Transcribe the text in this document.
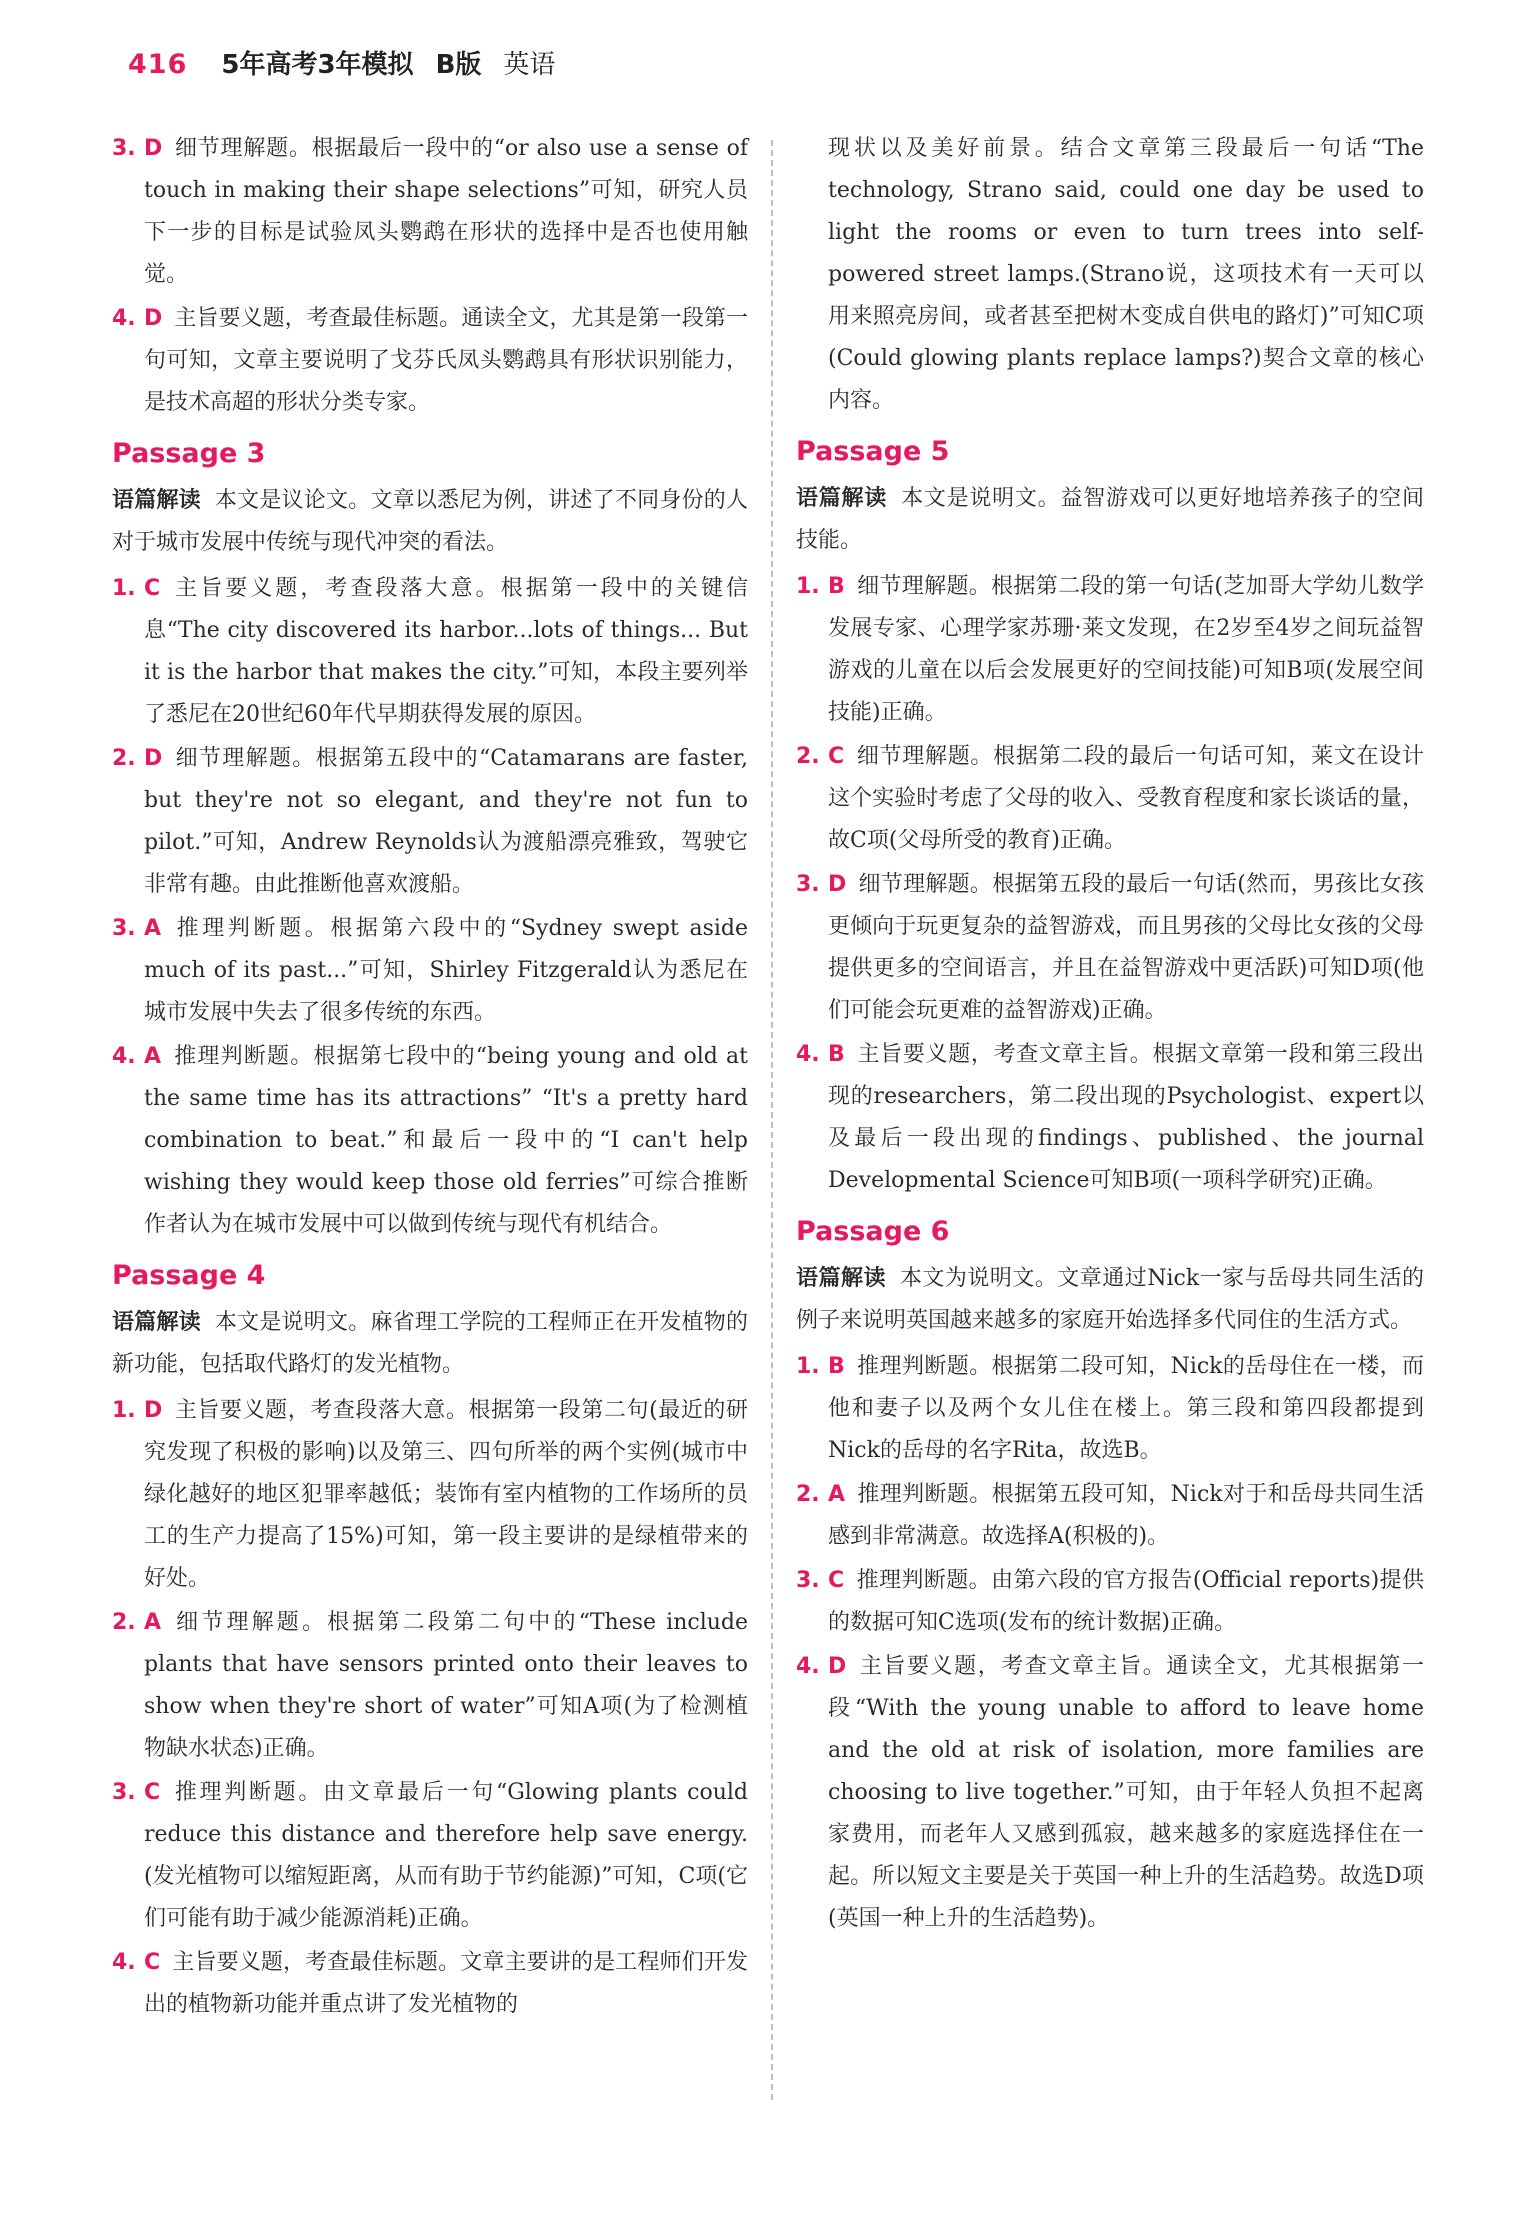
416 5年高考3年模拟 B版 英语
3. D 细节理解题。根据最后一段中的“or also use a sense of touch in making their shape selections”可知，研究人员下一步的目标是试验凤头鹦鹉在形状的选择中是否也使用触觉。
4. D 主旨要义题，考查最佳标题。通读全文，尤其是第一段第一句可知，文章主要说明了戈芬氏凤头鹦鹉具有形状识别能力，是技术高超的形状分类专家。
Passage 3
语篇解读 本文是议论文。文章以悉尼为例，讲述了不同身份的人对于城市发展中传统与现代冲突的看法。
1. C 主旨要义题，考查段落大意。根据第一段中的关键信息“The city discovered its harbor...lots of things... But it is the harbor that makes the city.”可知，本段主要列举了悉尼在20世纪60年代早期获得发展的原因。
2. D 细节理解题。根据第五段中的“Catamarans are faster, but they're not so elegant, and they're not fun to pilot.”可知，Andrew Reynolds认为渡船漂亮雅致，驾驶它非常有趣。由此推断他喜欢渡船。
3. A 推理判断题。根据第六段中的“Sydney swept aside much of its past...”可知，Shirley Fitzgerald认为悉尼在城市发展中失去了很多传统的东西。
4. A 推理判断题。根据第七段中的“being young and old at the same time has its attractions” “It's a pretty hard combination to beat.”和最后一段中的“I can't help wishing they would keep those old ferries”可综合推断作者认为在城市发展中可以做到传统与现代有机结合。
Passage 4
语篇解读 本文是说明文。麻省理工学院的工程师正在开发植物的新功能，包括取代路灯的发光植物。
1. D 主旨要义题，考查段落大意。根据第一段第二句(最近的研究发现了积极的影响)以及第三、四句所举的两个实例(城市中绿化越好的地区犯罪率越低；装饰有室内植物的工作场所的员工的生产力提高了15%)可知，第一段主要讲的是绿植带来的好处。
2. A 细节理解题。根据第二段第二句中的“These include plants that have sensors printed onto their leaves to show when they're short of water”可知A项(为了检测植物缺水状态)正确。
3. C 推理判断题。由文章最后一句“Glowing plants could reduce this distance and therefore help save energy.(发光植物可以缩短距离，从而有助于节约能源)”可知，C项(它们可能有助于减少能源消耗)正确。
4. C 主旨要义题，考查最佳标题。文章主要讲的是工程师们开发出的植物新功能并重点讲了发光植物的
现状以及美好前景。结合文章第三段最后一句话“The technology, Strano said, could one day be used to light the rooms or even to turn trees into self-powered street lamps.(Strano说，这项技术有一天可以用来照亮房间，或者甚至把树木变成自供电的路灯)”可知C项(Could glowing plants replace lamps?)契合文章的核心内容。
Passage 5
语篇解读 本文是说明文。益智游戏可以更好地培养孩子的空间技能。
1. B 细节理解题。根据第二段的第一句话(芝加哥大学幼儿数学发展专家、心理学家苏珊·莱文发现，在2岁至4岁之间玩益智游戏的儿童在以后会发展更好的空间技能)可知B项(发展空间技能)正确。
2. C 细节理解题。根据第二段的最后一句话可知，莱文在设计这个实验时考虑了父母的收入、受教育程度和家长谈话的量，故C项(父母所受的教育)正确。
3. D 细节理解题。根据第五段的最后一句话(然而，男孩比女孩更倾向于玩更复杂的益智游戏，而且男孩的父母比女孩的父母提供更多的空间语言，并且在益智游戏中更活跃)可知D项(他们可能会玩更难的益智游戏)正确。
4. B 主旨要义题，考查文章主旨。根据文章第一段和第三段出现的researchers，第二段出现的Psychologist、expert以及最后一段出现的findings、published、the journal Developmental Science可知B项(一项科学研究)正确。
Passage 6
语篇解读 本文为说明文。文章通过Nick一家与岳母共同生活的例子来说明英国越来越多的家庭开始选择多代同住的生活方式。
1. B 推理判断题。根据第二段可知，Nick的岳母住在一楼，而他和妻子以及两个女儿住在楼上。第三段和第四段都提到Nick的岳母的名字Rita，故选B。
2. A 推理判断题。根据第五段可知，Nick对于和岳母共同生活感到非常满意。故选择A(积极的)。
3. C 推理判断题。由第六段的官方报告(Official reports)提供的数据可知C选项(发布的统计数据)正确。
4. D 主旨要义题，考查文章主旨。通读全文，尤其根据第一段“With the young unable to afford to leave home and the old at risk of isolation, more families are choosing to live together.”可知，由于年轻人负担不起离家费用，而老年人又感到孤寂，越来越多的家庭选择住在一起。所以短文主要是关于英国一种上升的生活趋势。故选D项(英国一种上升的生活趋势)。
